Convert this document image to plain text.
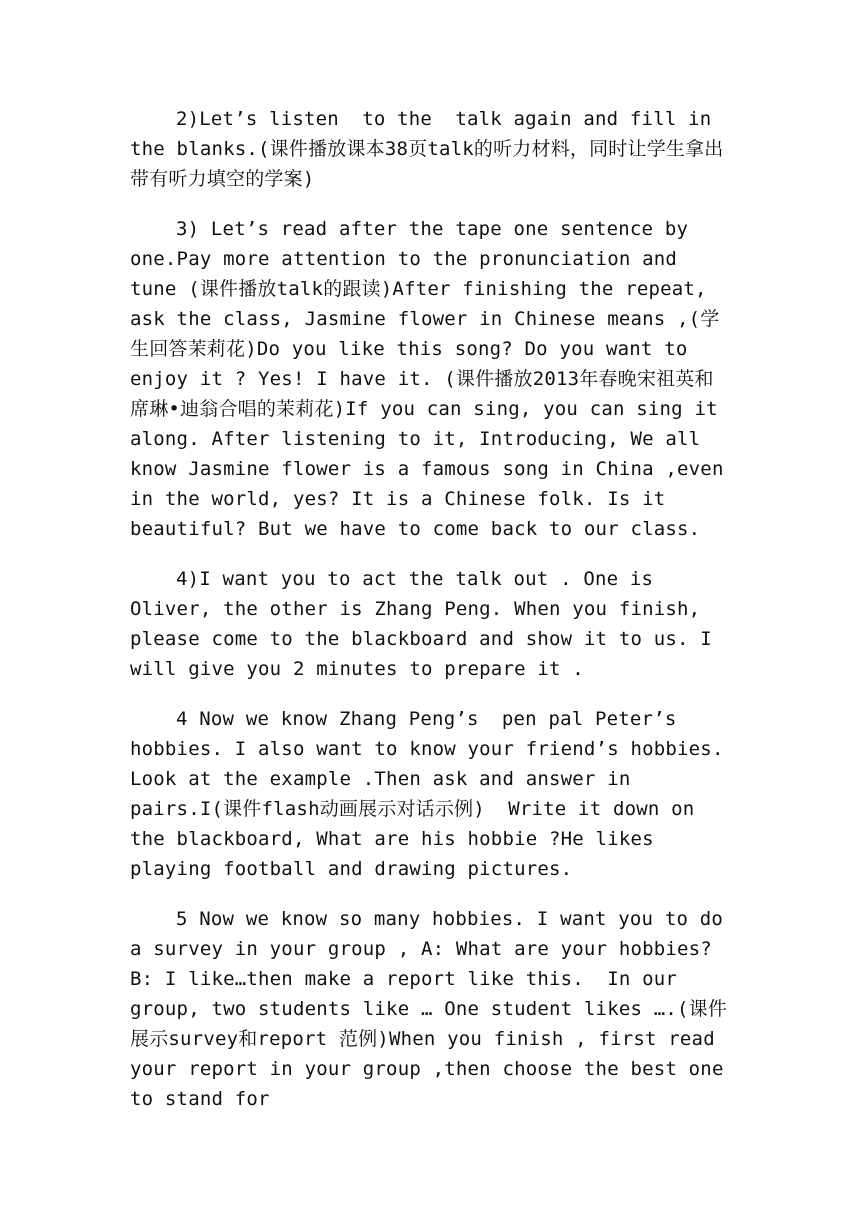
2)Let’s listen  to the  talk again and fill in the blanks.(课件播放课本38页talk的听力材料，同时让学生拿出带有听力填空的学案)

3) Let’s read after the tape one sentence by one.Pay more attention to the pronunciation and tune (课件播放talk的跟读)After finishing the repeat, ask the class, Jasmine flower in Chinese means ,(学生回答茉莉花)Do you like this song? Do you want to enjoy it ? Yes! I have it. (课件播放2013年春晚宋祖英和席琳•迪翁合唱的茉莉花)If you can sing, you can sing it along. After listening to it, Introducing, We all know Jasmine flower is a famous song in China ,even in the world, yes? It is a Chinese folk. Is it beautiful? But we have to come back to our class.

4)I want you to act the talk out . One is Oliver, the other is Zhang Peng. When you finish, please come to the blackboard and show it to us. I will give you 2 minutes to prepare it .

4 Now we know Zhang Peng’s  pen pal Peter’s hobbies. I also want to know your friend’s hobbies. Look at the example .Then ask and answer in pairs.I(课件flash动画展示对话示例)  Write it down on the blackboard, What are his hobbie ?He likes playing football and drawing pictures.

5 Now we know so many hobbies. I want you to do a survey in your group , A: What are your hobbies? B: I like…then make a report like this.  In our group, two students like … One student likes ….(课件展示survey和report 范例)When you finish , first read your report in your group ,then choose the best one to stand for
